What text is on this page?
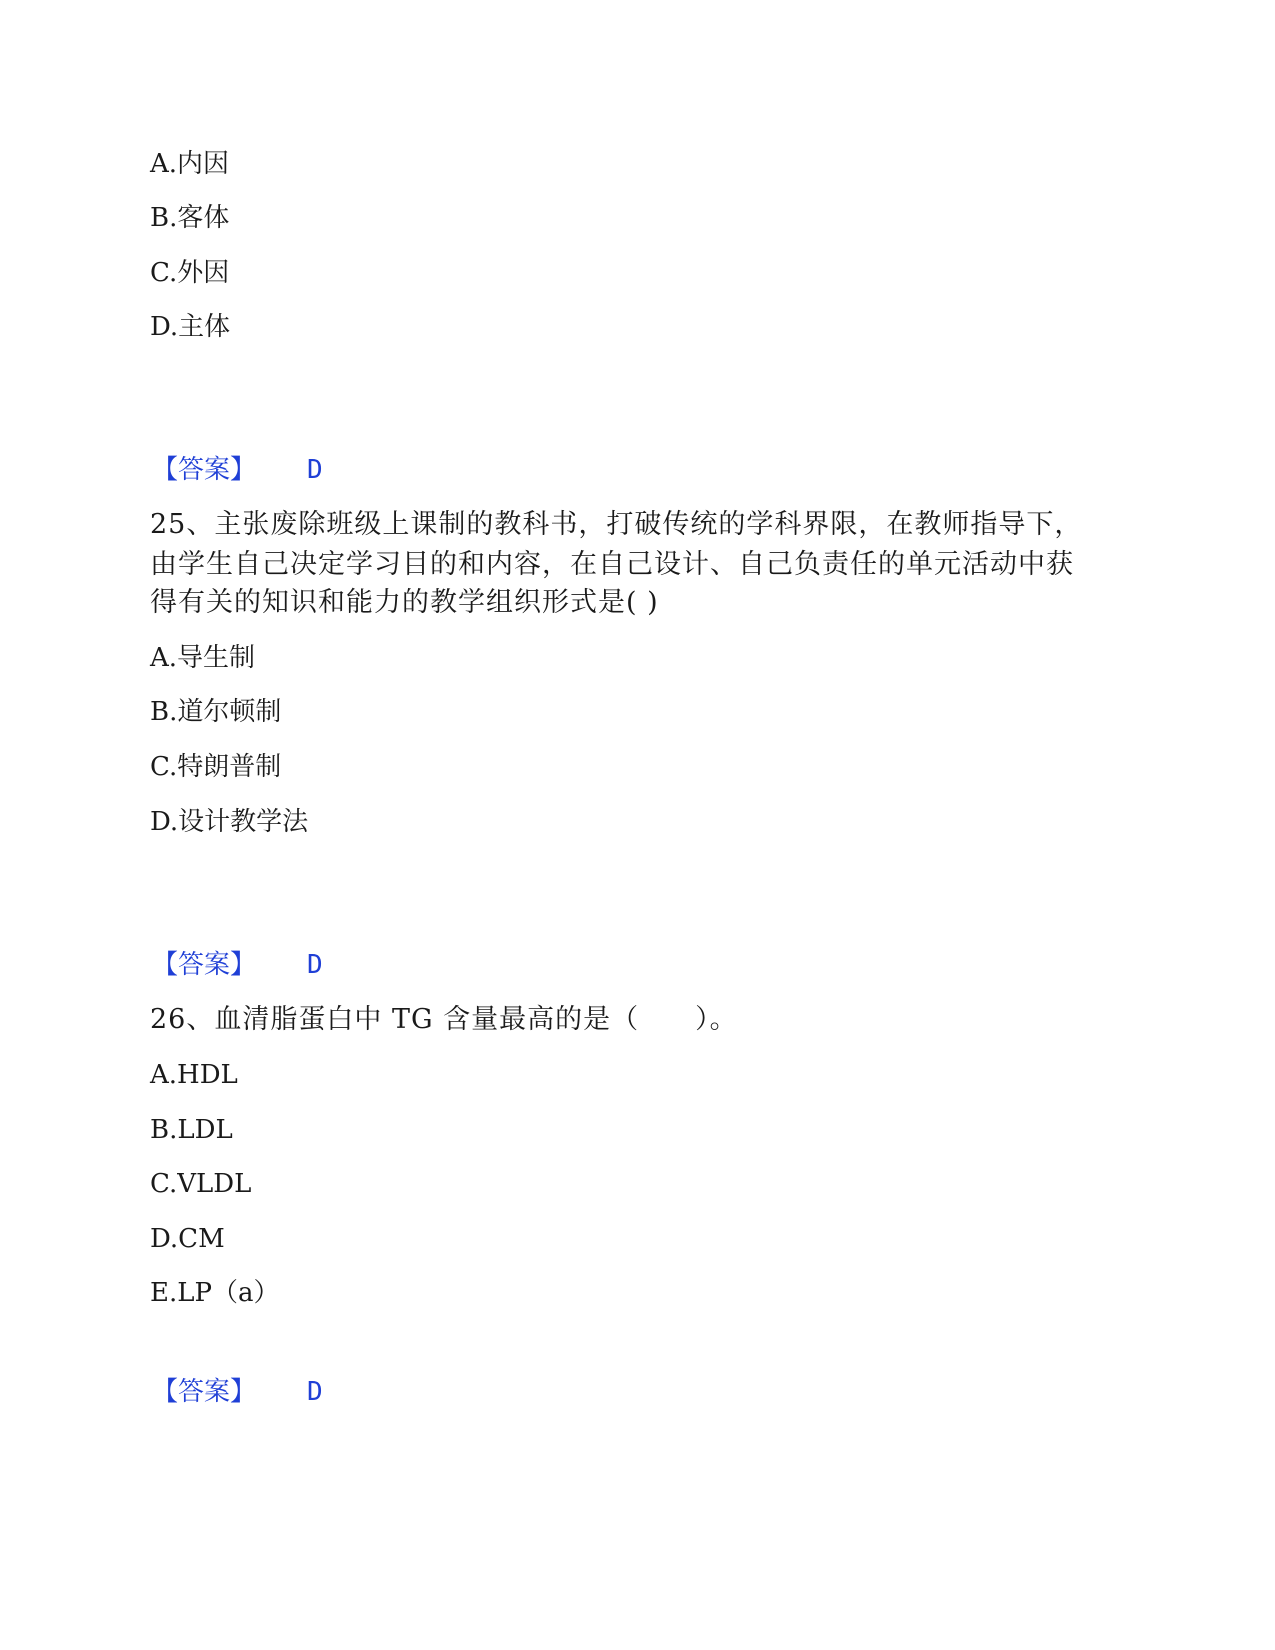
A.内因
B.客体
C.外因
D.主体
【答案】 D
25、主张废除班级上课制的教科书，打破传统的学科界限，在教师指导下，
由学生自己决定学习目的和内容，在自己设计、自己负责任的单元活动中获
得有关的知识和能力的教学组织形式是( )
A.导生制
B.道尔顿制
C.特朗普制
D.设计教学法
【答案】 D
26、血清脂蛋白中 TG 含量最高的是（　　）。
A.HDL
B.LDL
C.VLDL
D.CM
E.LP（a）
【答案】 D
